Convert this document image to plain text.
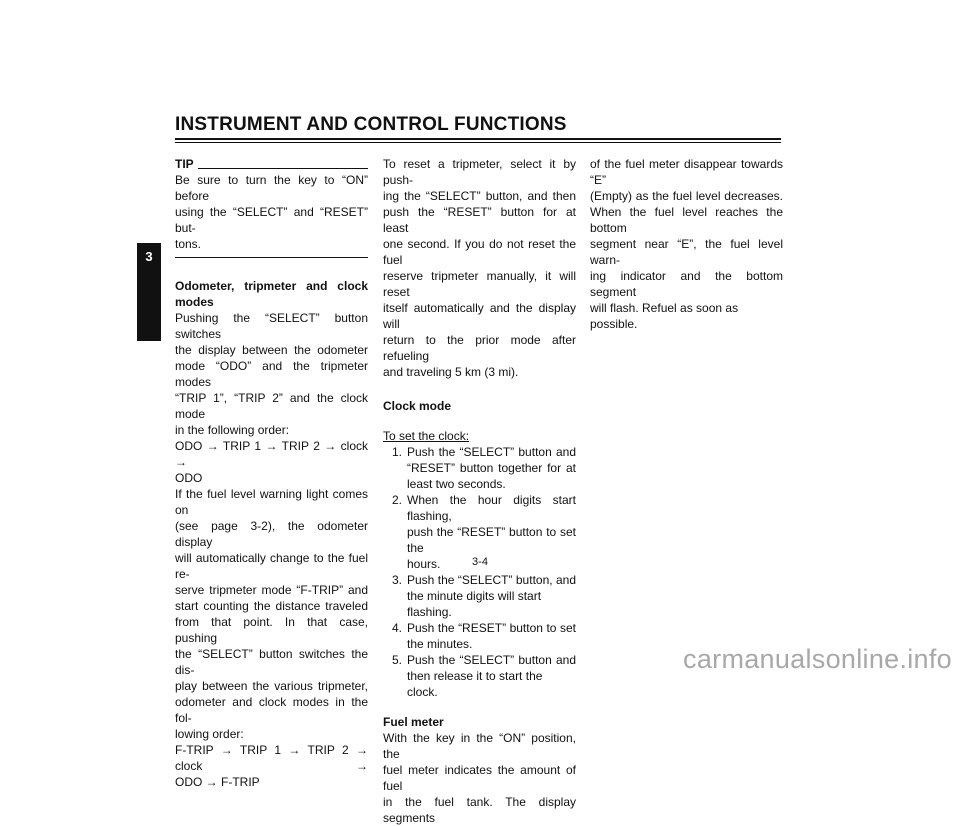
INSTRUMENT AND CONTROL FUNCTIONS
3
TIP

Be sure to turn the key to “ON” before

using the “SELECT” and “RESET” but-

tons.

Odometer, tripmeter and clock

modes

Pushing the “SELECT” button switches

the display between the odometer

mode “ODO” and the tripmeter modes

“TRIP 1”, “TRIP 2” and the clock mode

in the following order:

ODO → TRIP 1 → TRIP 2 → clock →

ODO

If the fuel level warning light comes on

(see page 3-2), the odometer display

will automatically change to the fuel re-

serve tripmeter mode “F-TRIP” and

start counting the distance traveled

from that point. In that case, pushing

the “SELECT” button switches the dis-

play between the various tripmeter,

odometer and clock modes in the fol-

lowing order:

F-TRIP → TRIP 1 → TRIP 2 → clock →

ODO → F-TRIP

To reset a tripmeter, select it by push-

ing the “SELECT” button, and then

push the “RESET” button for at least

one second. If you do not reset the fuel

reserve tripmeter manually, it will reset

itself automatically and the display will

return to the prior mode after refueling

and traveling 5 km (3 mi).

Clock mode

To set the clock:

1. Push the “SELECT” button and

“RESET” button together for at

least two seconds.

2. When the hour digits start flashing,

push the “RESET” button to set the

hours.

3. Push the “SELECT” button, and

the minute digits will start flashing.

4. Push the “RESET” button to set

the minutes.

5. Push the “SELECT” button and

then release it to start the clock.

Fuel meter

With the key in the “ON” position, the

fuel meter indicates the amount of fuel

in the fuel tank. The display segments

of the fuel meter disappear towards “E”

(Empty) as the fuel level decreases.

When the fuel level reaches the bottom

segment near “E”, the fuel level warn-

ing indicator and the bottom segment

will flash. Refuel as soon as possible.

3-4
carmanualsonline.info
